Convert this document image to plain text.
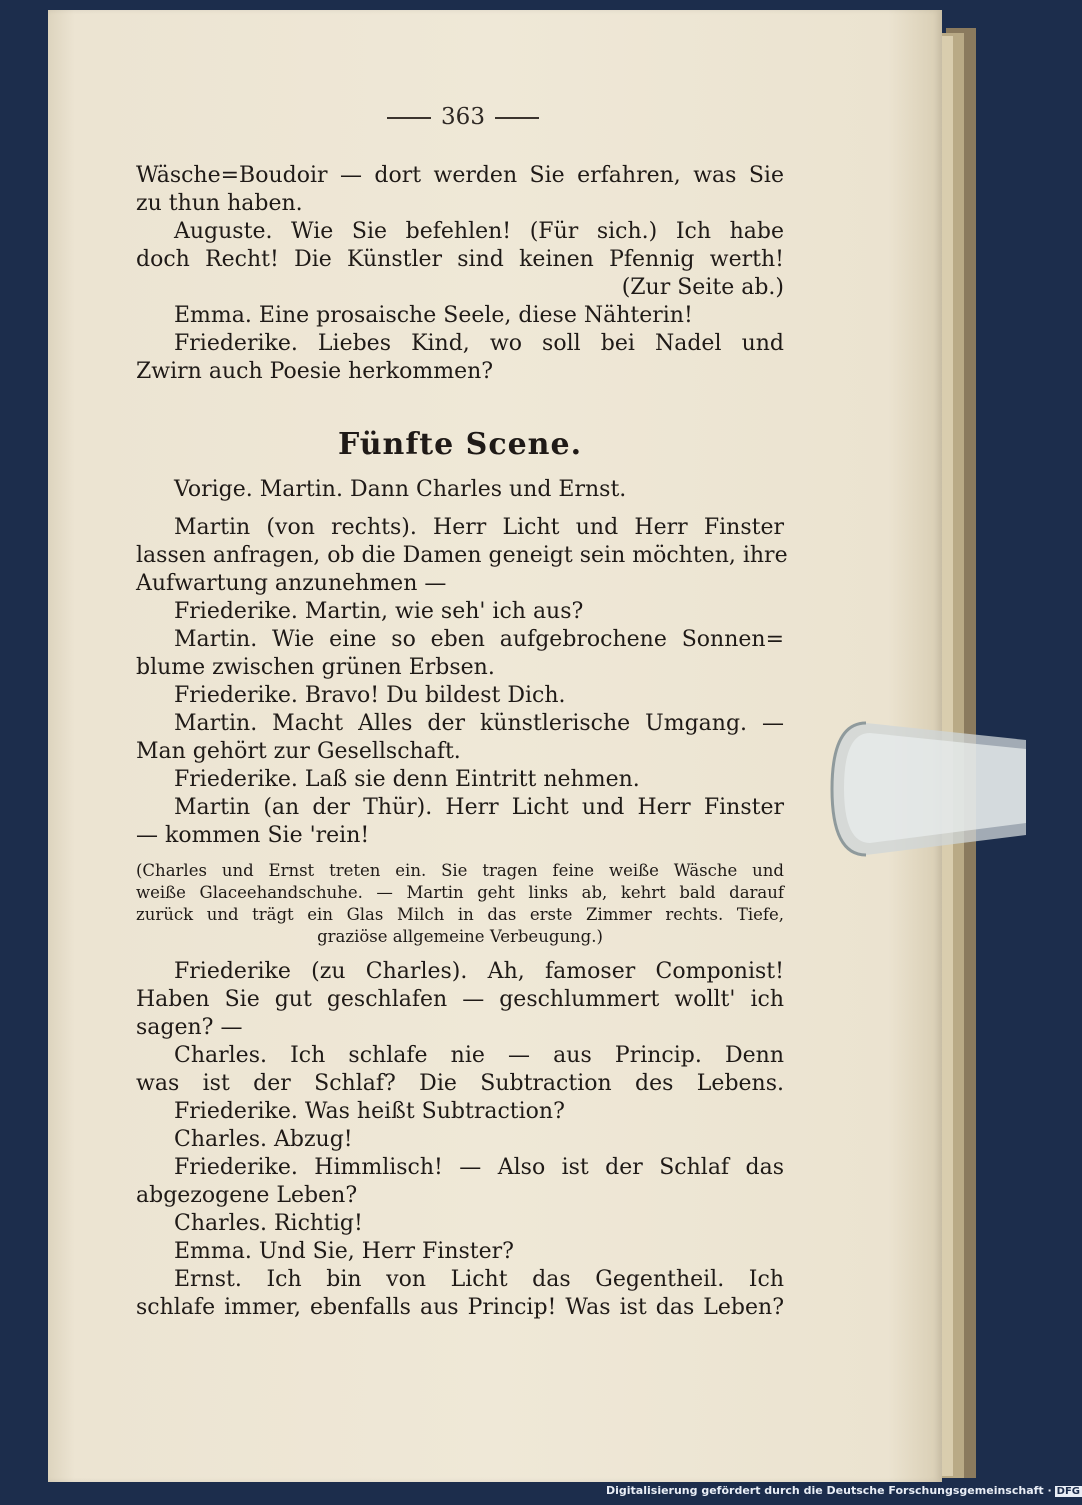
363
Wäsche=Boudoir — dort werden Sie erfahren, was Sie
zu thun haben.
Auguste. Wie Sie befehlen! (Für sich.) Ich habe
doch Recht! Die Künstler sind keinen Pfennig werth!
(Zur Seite ab.)
Emma. Eine prosaische Seele, diese Nähterin!
Friederike. Liebes Kind, wo soll bei Nadel und
Zwirn auch Poesie herkommen?
Fünfte Scene.
Vorige. Martin. Dann Charles und Ernst.
Martin (von rechts). Herr Licht und Herr Finster
lassen anfragen, ob die Damen geneigt sein möchten, ihre
Aufwartung anzunehmen —
Friederike. Martin, wie seh' ich aus?
Martin. Wie eine so eben aufgebrochene Sonnen=
blume zwischen grünen Erbsen.
Friederike. Bravo! Du bildest Dich.
Martin. Macht Alles der künstlerische Umgang. —
Man gehört zur Gesellschaft.
Friederike. Laß sie denn Eintritt nehmen.
Martin (an der Thür). Herr Licht und Herr Finster
— kommen Sie 'rein!
(Charles und Ernst treten ein. Sie tragen feine weiße Wäsche und
weiße Glaceehandschuhe. — Martin geht links ab, kehrt bald darauf
zurück und trägt ein Glas Milch in das erste Zimmer rechts. Tiefe,
graziöse allgemeine Verbeugung.)
Friederike (zu Charles). Ah, famoser Componist!
Haben Sie gut geschlafen — geschlummert wollt' ich
sagen? —
Charles. Ich schlafe nie — aus Princip. Denn
was ist der Schlaf? Die Subtraction des Lebens.
Friederike. Was heißt Subtraction?
Charles. Abzug!
Friederike. Himmlisch! — Also ist der Schlaf das
abgezogene Leben?
Charles. Richtig!
Emma. Und Sie, Herr Finster?
Ernst. Ich bin von Licht das Gegentheil. Ich
schlafe immer, ebenfalls aus Princip! Was ist das Leben?
Digitalisierung gefördert durch die Deutsche Forschungsgemeinschaft · DFG
